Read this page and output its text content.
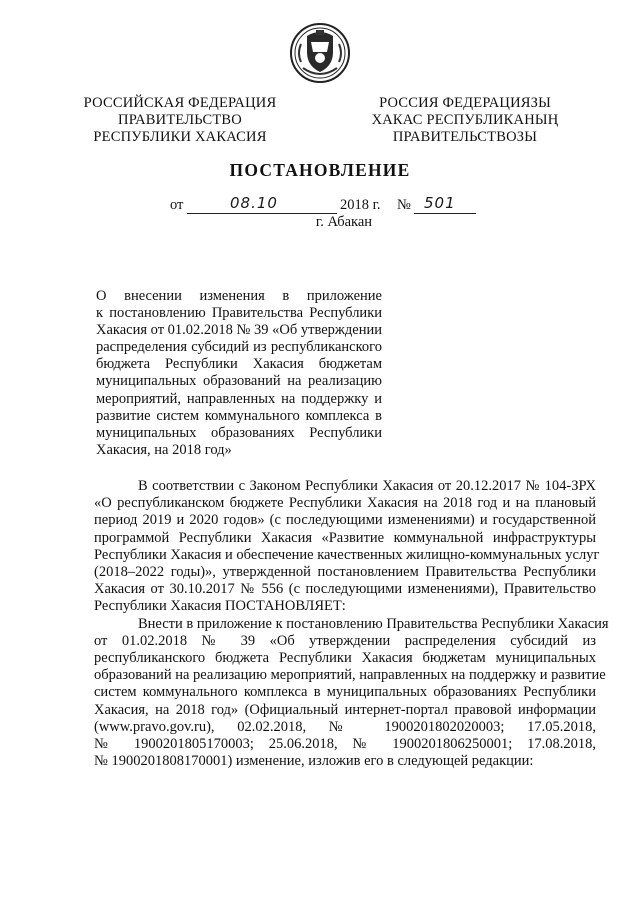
РОССИЙСКАЯ ФЕДЕРАЦИЯ
ПРАВИТЕЛЬСТВО
РЕСПУБЛИКИ ХАКАСИЯ
РОССИЯ ФЕДЕРАЦИЯЗЫ
ХАКАС РЕСПУБЛИКАНЫҢ
ПРАВИТЕЛЬСТВОЗЫ
ПОСТАНОВЛЕНИЕ
от	08.10	2018 г. № 501
г. Абакан
О внесении изменения в приложение
к постановлению Правительства Республики
Хакасия от 01.02.2018 № 39 «Об утверждении
распределения субсидий из республиканского
бюджета Республики Хакасия бюджетам
муниципальных образований на реализацию
мероприятий, направленных на поддержку и
развитие систем коммунального комплекса в
муниципальных образованиях Республики
Хакасия, на 2018 год»
В соответствии с Законом Республики Хакасия от 20.12.2017 № 104-ЗРХ
«О республиканском бюджете Республики Хакасия на 2018 год и на плановый
период 2019 и 2020 годов» (с последующими изменениями) и государственной
программой Республики Хакасия «Развитие коммунальной инфраструктуры
Республики Хакасия и обеспечение качественных жилищно-коммунальных услуг
(2018–2022 годы)», утвержденной постановлением Правительства Республики
Хакасия от 30.10.2017 № 556 (с последующими изменениями), Правительство
Республики Хакасия ПОСТАНОВЛЯЕТ:
Внести в приложение к постановлению Правительства Республики Хакасия
от 01.02.2018 № 39 «Об утверждении распределения субсидий из
республиканского бюджета Республики Хакасия бюджетам муниципальных
образований на реализацию мероприятий, направленных на поддержку и развитие
систем коммунального комплекса в муниципальных образованиях Республики
Хакасия, на 2018 год» (Официальный интернет-портал правовой информации
(www.pravo.gov.ru), 02.02.2018, № 1900201802020003; 17.05.2018,
№ 1900201805170003; 25.06.2018, № 1900201806250001; 17.08.2018,
№ 1900201808170001) изменение, изложив его в следующей редакции:
